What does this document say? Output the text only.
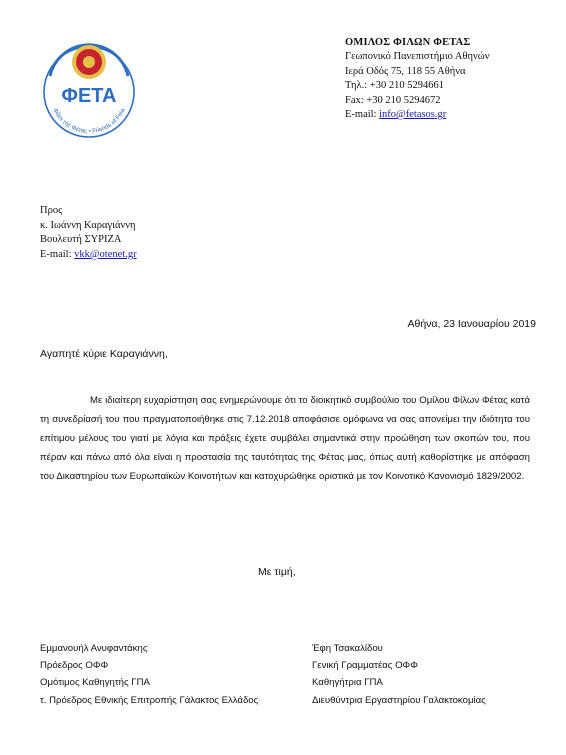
ΦΕΤΑ
Φίλοι της Φέτας • Friends of Feta
ΟΜΙΛΟΣ ΦΙΛΩΝ ΦΕΤΑΣ
Γεωπονικό Πανεπιστήμιο Αθηνών
Ιερά Οδός 75, 118 55 Αθήνα
Τηλ.: +30 210 5294661
Fax: +30 210 5294672
E-mail: info@fetasos.gr
Προς
κ. Ιωάννη Καραγιάννη
Βουλευτή ΣΥΡΙΖΑ
E-mail: vkk@otenet.gr
Αθήνα, 23 Ιανουαρίου 2019
Αγαπητέ κύριε Καραγιάννη,
Με ιδιαίτερη ευχαρίστηση σας ενημερώνουμε ότι το διοικητικό συμβούλιο του Ομίλου Φίλων Φέτας κατά τη συνεδρίασή του που πραγματοποιήθηκε στις 7.12.2018 αποφάσισε ομόφωνα να σας απονείμει την ιδιότητα του επίτιμου μέλους του γιατί με λόγια και πράξεις έχετε συμβάλει σημαντικά στην προώθηση των σκοπών του, που πέραν και πάνω από όλα είναι η προστασία της ταυτότητας της Φέτας μας, όπως αυτή καθορίστηκε με απόφαση του Δικαστηρίου των Ευρωπαϊκών Κοινοτήτων και κατοχυρώθηκε οριστικά με τον Κοινοτικό Κανονισμό 1829/2002.
Με τιμή,
Εμμανουήλ Ανυφαντάκης
Πρόεδρος ΟΦΦ
Ομότιμος Καθηγητής ΓΠΑ
τ. Πρόεδρος Εθνικής Επιτροπής Γάλακτος Ελλάδος
Έφη Τσακαλίδου
Γενική Γραμματέας ΟΦΦ
Καθηγήτρια ΓΠΑ
Διευθύντρια Εργαστηρίου Γαλακτοκομίας
